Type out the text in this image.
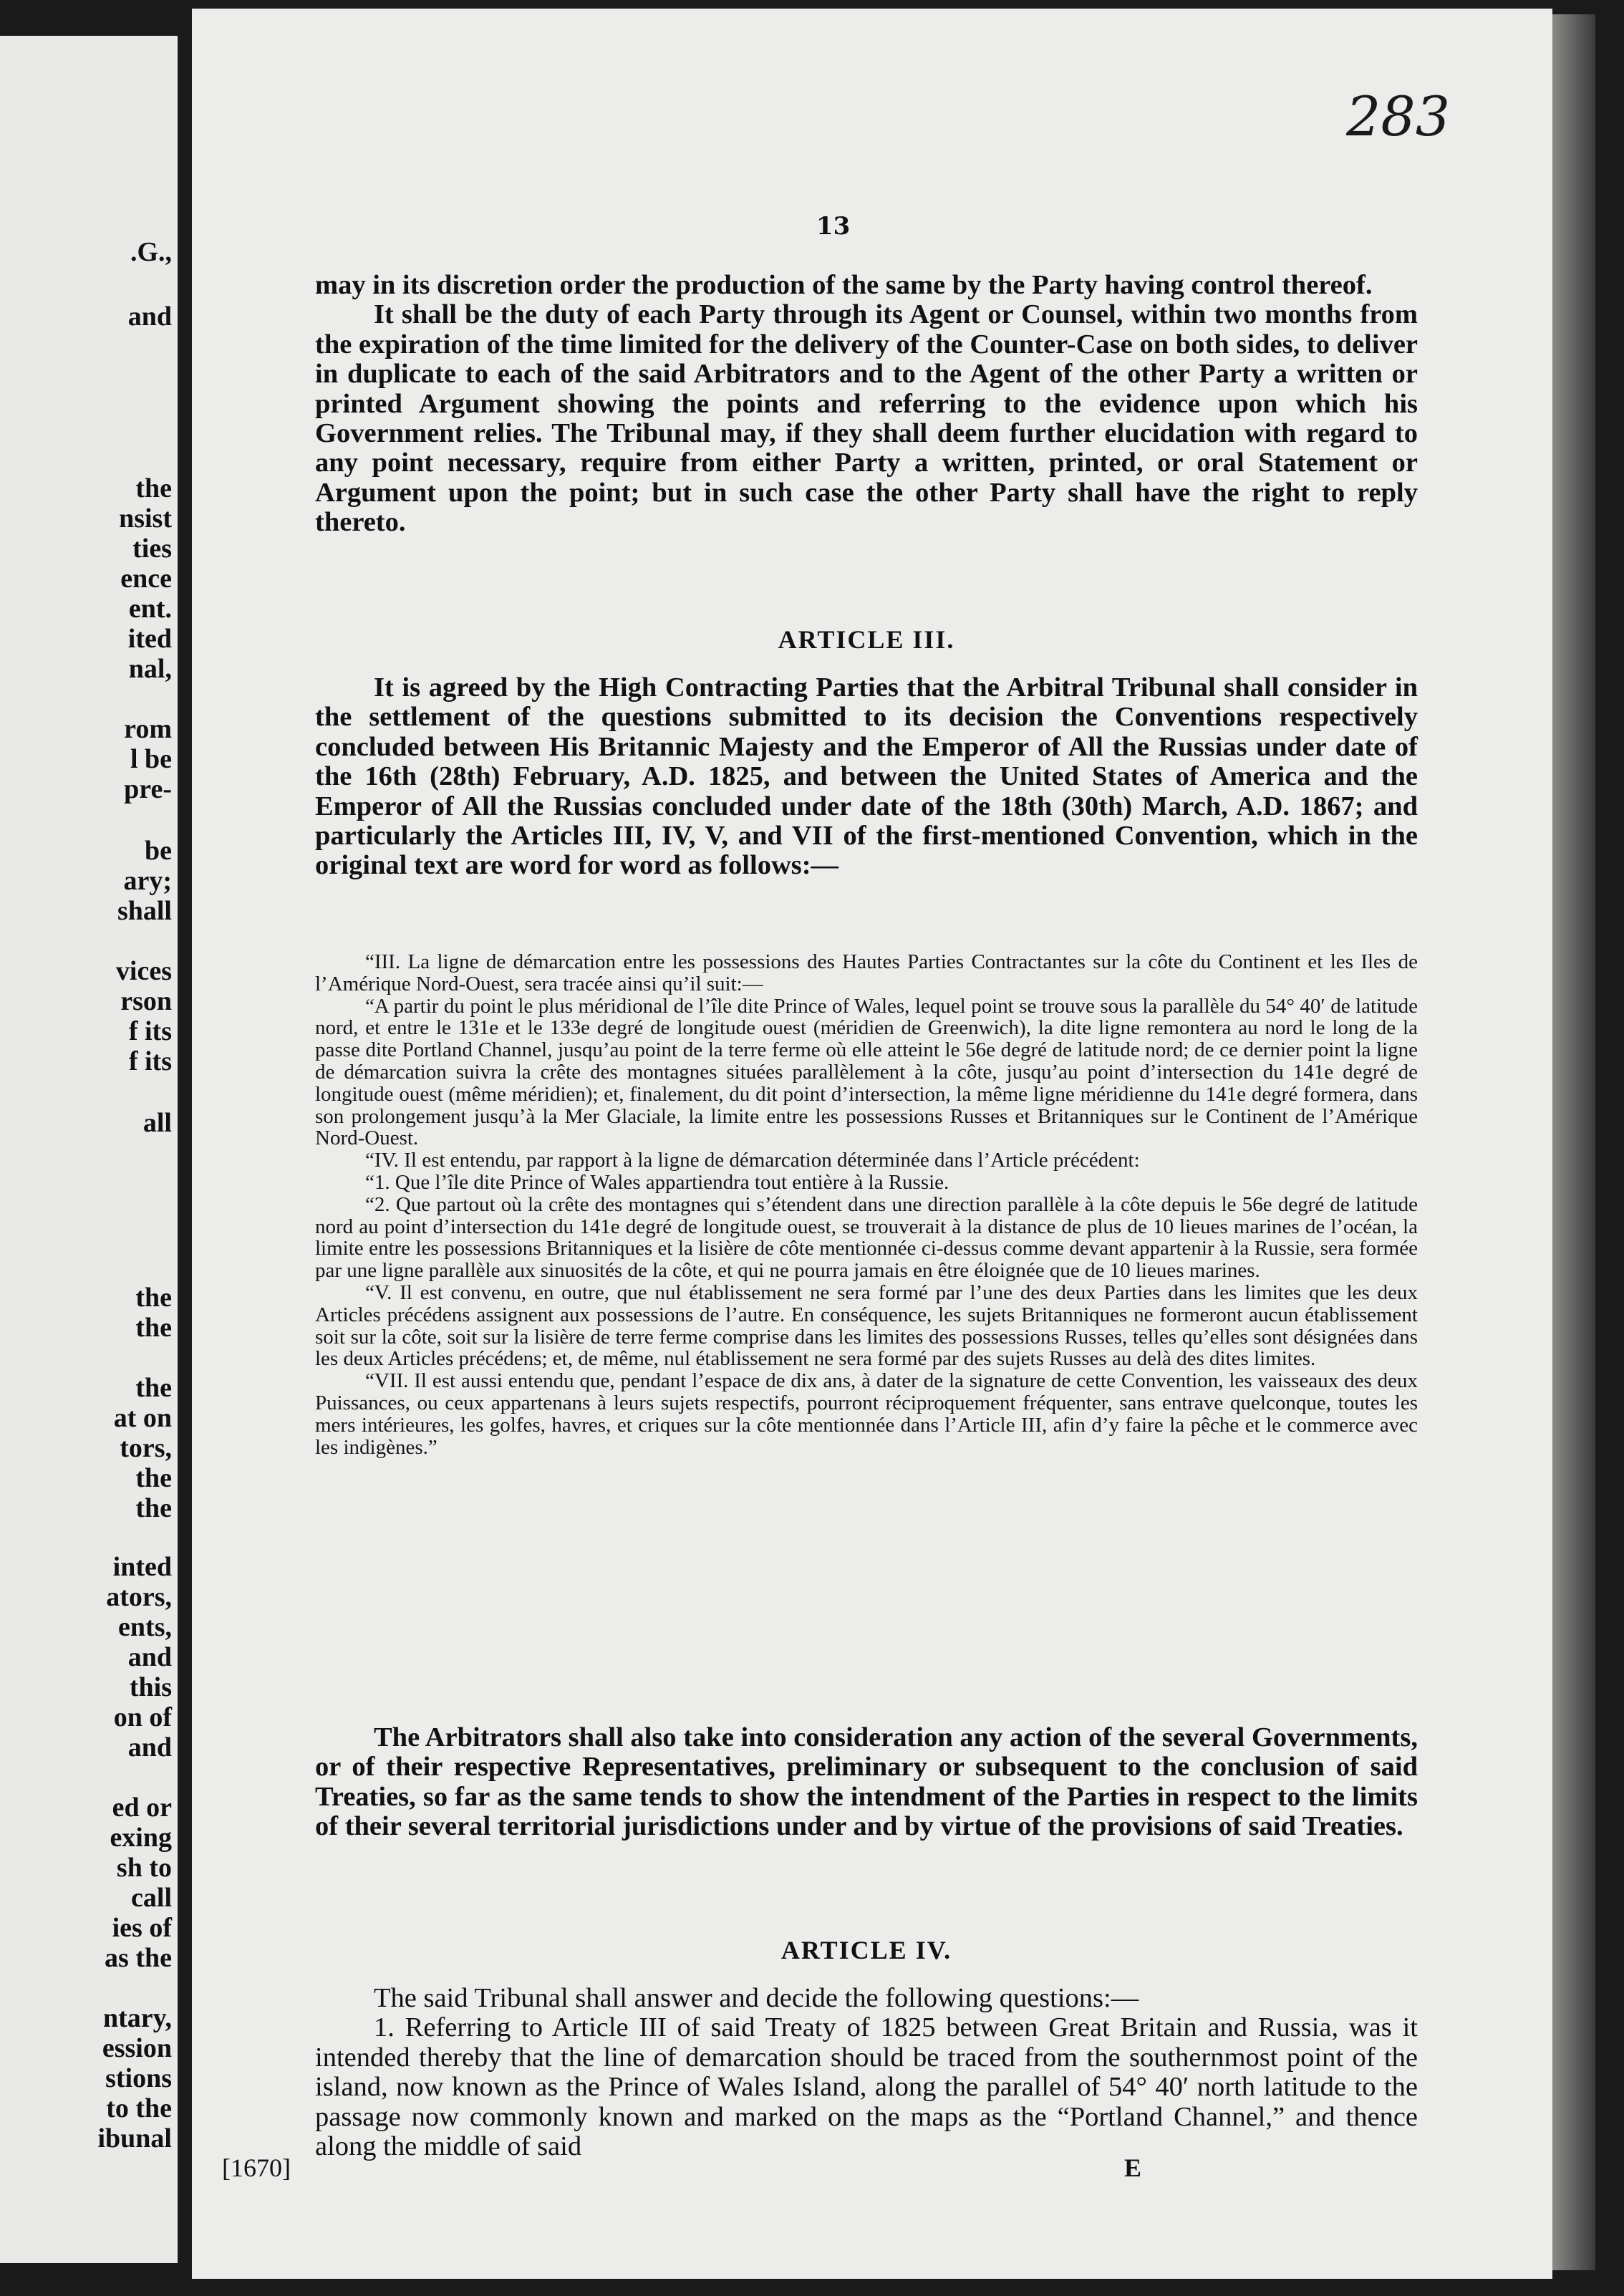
.G.,
and
the
nsist
ties
ence
ent.
ited
nal,
rom
l be
pre-
be
ary;
shall
vices
rson
f its
f its
all
the
the
the
at on
tors,
the
the
inted
ators,
ents,
and
this
on of
and
ed or
exing
sh to
call
ies of
as the
ntary,
ession
stions
to the
ibunal
283
13

may in its discretion order the production of the same by the Party having control thereof.

It shall be the duty of each Party through its Agent or Counsel, within two months from the expiration of the time limited for the delivery of the Counter-Case on both sides, to deliver in duplicate to each of the said Arbitrators and to the Agent of the other Party a written or printed Argument showing the points and referring to the evidence upon which his Government relies. The Tribunal may, if they shall deem further elucidation with regard to any point necessary, require from either Party a written, printed, or oral Statement or Argument upon the point; but in such case the other Party shall have the right to reply thereto.

ARTICLE III.

It is agreed by the High Contracting Parties that the Arbitral Tribunal shall consider in the settlement of the questions submitted to its decision the Conventions respectively concluded between His Britannic Majesty and the Emperor of All the Russias under date of the 16th (28th) February, A.D. 1825, and between the United States of America and the Emperor of All the Russias concluded under date of the 18th (30th) March, A.D. 1867; and particularly the Articles III, IV, V, and VII of the first-mentioned Convention, which in the original text are word for word as follows:—

“III. La ligne de démarcation entre les possessions des Hautes Parties Contractantes sur la côte du Continent et les Iles de l’Amérique Nord-Ouest, sera tracée ainsi qu’il suit:—

“A partir du point le plus méridional de l’île dite Prince of Wales, lequel point se trouve sous la parallèle du 54° 40′ de latitude nord, et entre le 131e et le 133e degré de longitude ouest (méridien de Greenwich), la dite ligne remontera au nord le long de la passe dite Portland Channel, jusqu’au point de la terre ferme où elle atteint le 56e degré de latitude nord; de ce dernier point la ligne de démarcation suivra la crête des montagnes situées parallèlement à la côte, jusqu’au point d’intersection du 141e degré de longitude ouest (même méridien); et, finalement, du dit point d’intersection, la même ligne méridienne du 141e degré formera, dans son prolongement jusqu’à la Mer Glaciale, la limite entre les possessions Russes et Britanniques sur le Continent de l’Amérique Nord-Ouest.

“IV. Il est entendu, par rapport à la ligne de démarcation déterminée dans l’Article précédent:

“1. Que l’île dite Prince of Wales appartiendra tout entière à la Russie.

“2. Que partout où la crête des montagnes qui s’étendent dans une direction parallèle à la côte depuis le 56e degré de latitude nord au point d’intersection du 141e degré de longitude ouest, se trouverait à la distance de plus de 10 lieues marines de l’océan, la limite entre les possessions Britanniques et la lisière de côte mentionnée ci-dessus comme devant appartenir à la Russie, sera formée par une ligne parallèle aux sinuosités de la côte, et qui ne pourra jamais en être éloignée que de 10 lieues marines.

“V. Il est convenu, en outre, que nul établissement ne sera formé par l’une des deux Parties dans les limites que les deux Articles précédens assignent aux possessions de l’autre. En conséquence, les sujets Britanniques ne formeront aucun établissement soit sur la côte, soit sur la lisière de terre ferme comprise dans les limites des possessions Russes, telles qu’elles sont désignées dans les deux Articles précédens; et, de même, nul établissement ne sera formé par des sujets Russes au delà des dites limites.

“VII. Il est aussi entendu que, pendant l’espace de dix ans, à dater de la signature de cette Convention, les vaisseaux des deux Puissances, ou ceux appartenans à leurs sujets respectifs, pourront réciproquement fréquenter, sans entrave quelconque, toutes les mers intérieures, les golfes, havres, et criques sur la côte mentionnée dans l’Article III, afin d’y faire la pêche et le commerce avec les indigènes.”

The Arbitrators shall also take into consideration any action of the several Governments, or of their respective Representatives, preliminary or subsequent to the conclusion of said Treaties, so far as the same tends to show the intendment of the Parties in respect to the limits of their several territorial jurisdictions under and by virtue of the provisions of said Treaties.

ARTICLE IV.

The said Tribunal shall answer and decide the following questions:—

1. Referring to Article III of said Treaty of 1825 between Great Britain and Russia, was it intended thereby that the line of demarcation should be traced from the southernmost point of the island, now known as the Prince of Wales Island, along the parallel of 54° 40′ north latitude to the passage now commonly known and marked on the maps as the “Portland Channel,” and thence along the middle of said

[1670]	E
